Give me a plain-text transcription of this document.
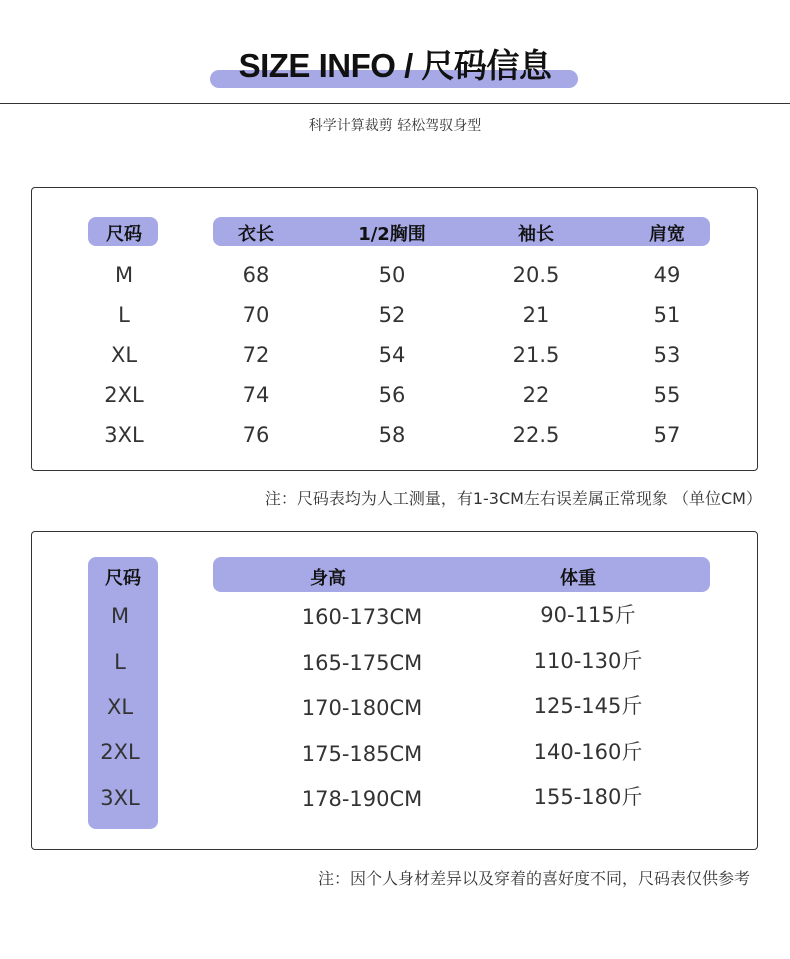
SIZE INFO / 尺码信息
科学计算裁剪 轻松驾驭身型
尺码	衣长	1/2胸围	袖长	肩宽
M	68	50	20.5	49
L	70	52	21	51
XL	72	54	21.5	53
2XL	74	56	22	55
3XL	76	58	22.5	57
注：尺码表均为人工测量，有1-3CM左右误差属正常现象 （单位CM）
尺码	身高	体重
M	160-173CM	90-115斤
L	165-175CM	110-130斤
XL	170-180CM	125-145斤
2XL	175-185CM	140-160斤
3XL	178-190CM	155-180斤
注：因个人身材差异以及穿着的喜好度不同，尺码表仅供参考
